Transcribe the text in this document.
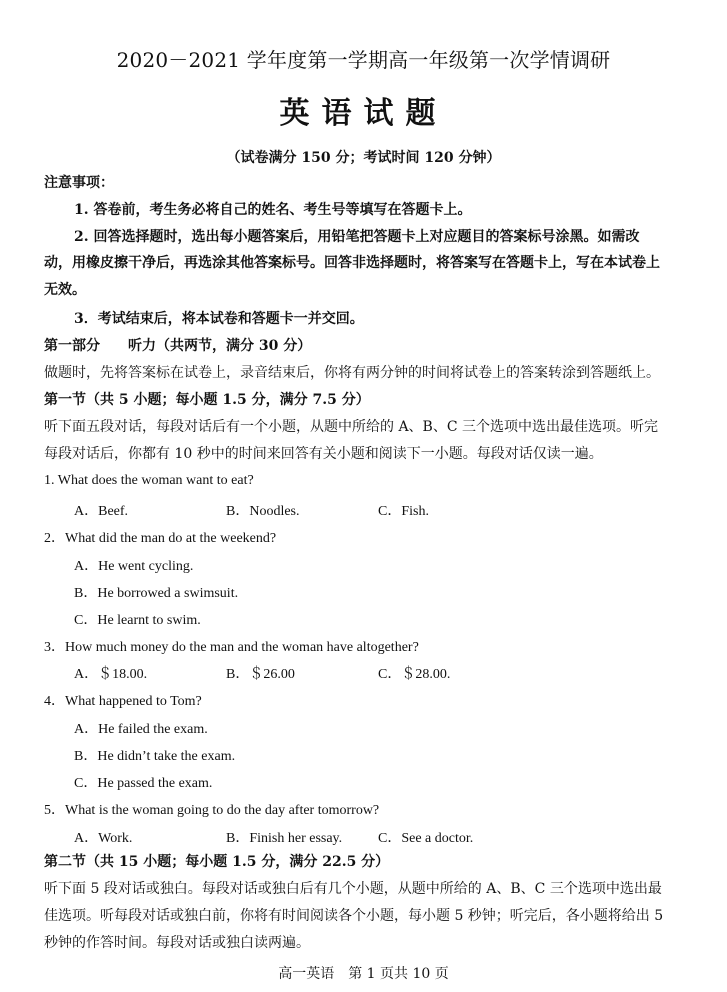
2020－2021 学年度第一学期高一年级第一次学情调研
英语试题
（试卷满分 150 分；考试时间 120 分钟）
注意事项：
1. 答卷前，考生务必将自己的姓名、考生号等填写在答题卡上。
2. 回答选择题时，选出每小题答案后，用铅笔把答题卡上对应题目的答案标号涂黑。如需改
动，用橡皮擦干净后，再选涂其他答案标号。回答非选择题时，将答案写在答题卡上，写在本试卷上
无效。
3．考试结束后，将本试卷和答题卡一并交回。
第一部分　　听力（共两节，满分 30 分）
做题时，先将答案标在试卷上，录音结束后，你将有两分钟的时间将试卷上的答案转涂到答题纸上。
第一节（共 5 小题；每小题 1.5 分，满分 7.5 分）
听下面五段对话，每段对话后有一个小题，从题中所给的 A、B、C 三个选项中选出最佳选项。听完
每段对话后，你都有 10 秒中的时间来回答有关小题和阅读下一小题。每段对话仅读一遍。
1. What does the woman want to eat?
A．Beef.	B．Noodles.	C．Fish.
2．What did the man do at the weekend?
A．He went cycling.
B．He borrowed a swimsuit.
C．He learnt to swim.
3．How much money do the man and the woman have altogether?
A．＄18.00.	B．＄26.00	C．＄28.00.
4．What happened to Tom?
A．He failed the exam.
B．He didn’t take the exam.
C．He passed the exam.
5．What is the woman going to do the day after tomorrow?
A．Work.	B．Finish her essay.	C．See a doctor.
第二节（共 15 小题；每小题 1.5 分，满分 22.5 分）
听下面 5 段对话或独白。每段对话或独白后有几个小题，从题中所给的 A、B、C 三个选项中选出最
佳选项。听每段对话或独白前，你将有时间阅读各个小题，每小题 5 秒钟；听完后，各小题将给出 5
秒钟的作答时间。每段对话或独白读两遍。
高一英语　第 1 页共 10 页
